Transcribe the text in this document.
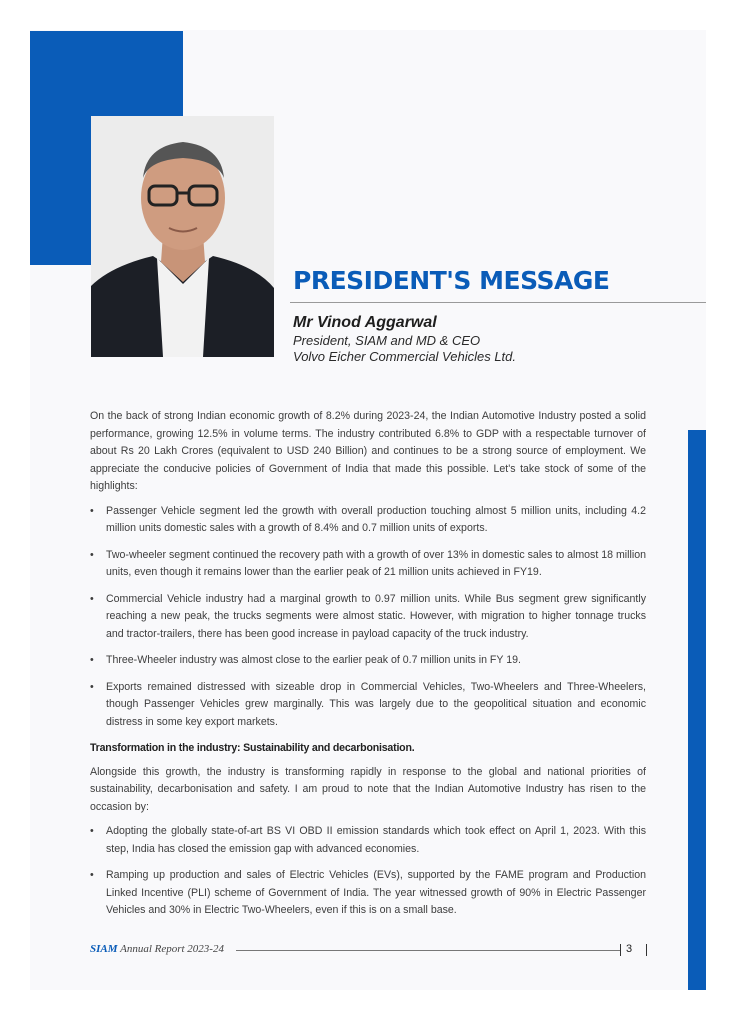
PRESIDENT'S MESSAGE
Mr Vinod Aggarwal
President, SIAM and MD & CEO
Volvo Eicher Commercial Vehicles Ltd.

On the back of strong Indian economic growth of 8.2% during 2023-24, the Indian Automotive Industry posted a solid performance, growing 12.5% in volume terms. The industry contributed 6.8% to GDP with a respectable turnover of about Rs 20 Lakh Crores (equivalent to USD 240 Billion) and continues to be a strong source of employment. We appreciate the conducive policies of Government of India that made this possible. Let's take stock of some of the highlights:

• Passenger Vehicle segment led the growth with overall production touching almost 5 million units, including 4.2 million units domestic sales with a growth of 8.4% and 0.7 million units of exports.
• Two-wheeler segment continued the recovery path with a growth of over 13% in domestic sales to almost 18 million units, even though it remains lower than the earlier peak of 21 million units achieved in FY19.
• Commercial Vehicle industry had a marginal growth to 0.97 million units. While Bus segment grew significantly reaching a new peak, the trucks segments were almost static. However, with migration to higher tonnage trucks and tractor-trailers, there has been good increase in payload capacity of the truck industry.
• Three-Wheeler industry was almost close to the earlier peak of 0.7 million units in FY 19.
• Exports remained distressed with sizeable drop in Commercial Vehicles, Two-Wheelers and Three-Wheelers, though Passenger Vehicles grew marginally. This was largely due to the geopolitical situation and economic distress in some key export markets.

Transformation in the industry: Sustainability and decarbonisation.

Alongside this growth, the industry is transforming rapidly in response to the global and national priorities of sustainability, decarbonisation and safety. I am proud to note that the Indian Automotive Industry has risen to the occasion by:

• Adopting the globally state-of-art BS VI OBD II emission standards which took effect on April 1, 2023. With this step, India has closed the emission gap with advanced economies.
• Ramping up production and sales of Electric Vehicles (EVs), supported by the FAME program and Production Linked Incentive (PLI) scheme of Government of India. The year witnessed growth of 90% in Electric Passenger Vehicles and 30% in Electric Two-Wheelers, even if this is on a small base.
SIAM Annual Report 2023-24	3
